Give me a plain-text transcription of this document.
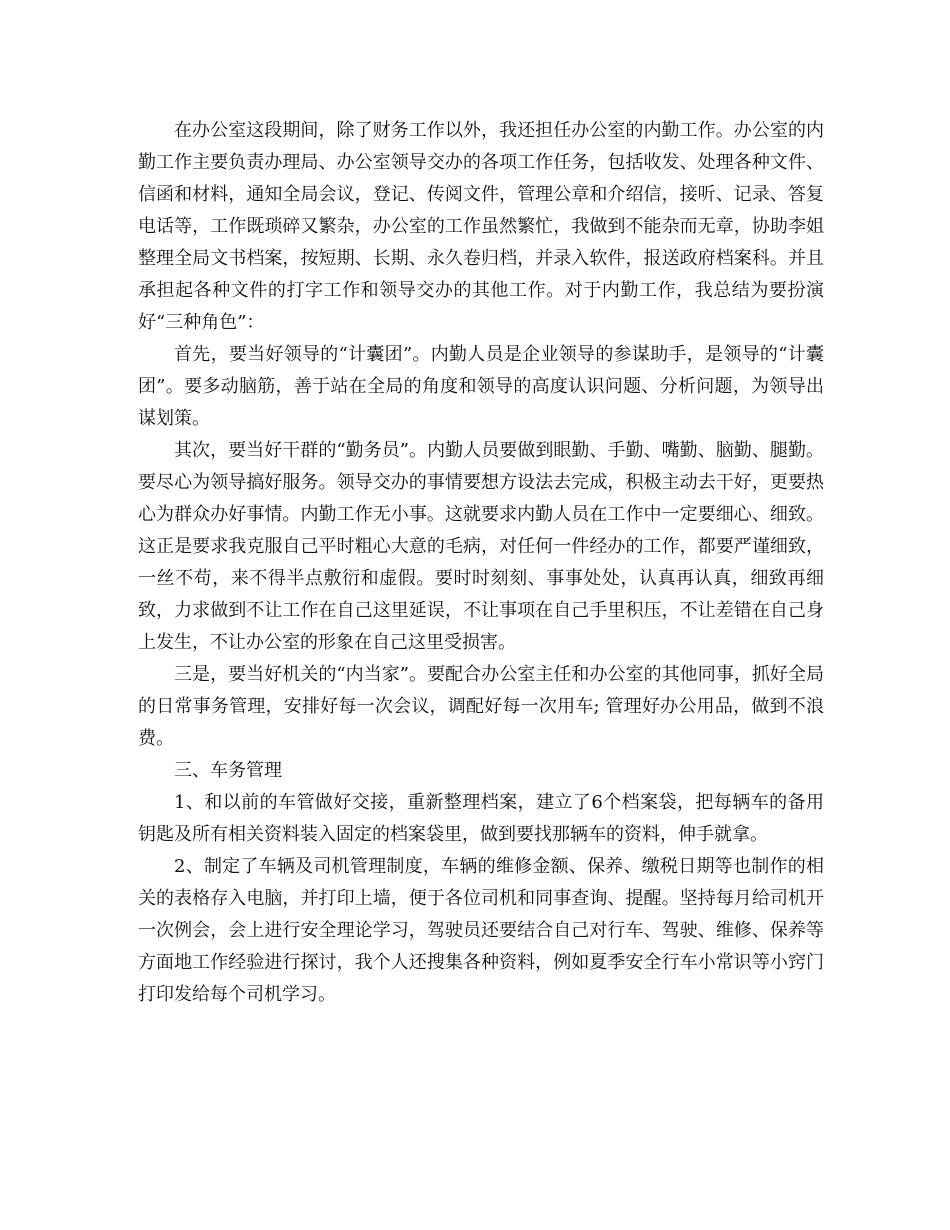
在办公室这段期间，除了财务工作以外，我还担任办公室的内勤工作。办公室的内勤工作主要负责办理局、办公室领导交办的各项工作任务，包括收发、处理各种文件、信函和材料，通知全局会议，登记、传阅文件，管理公章和介绍信，接听、记录、答复电话等，工作既琐碎又繁杂，办公室的工作虽然繁忙，我做到不能杂而无章，协助李姐整理全局文书档案，按短期、长期、永久卷归档，并录入软件，报送政府档案科。并且承担起各种文件的打字工作和领导交办的其他工作。对于内勤工作，我总结为要扮演好“三种角色”：

首先，要当好领导的“计囊团”。内勤人员是企业领导的参谋助手，是领导的“计囊团”。要多动脑筋，善于站在全局的角度和领导的高度认识问题、分析问题，为领导出谋划策。

其次，要当好干群的“勤务员”。内勤人员要做到眼勤、手勤、嘴勤、脑勤、腿勤。要尽心为领导搞好服务。领导交办的事情要想方设法去完成，积极主动去干好，更要热心为群众办好事情。内勤工作无小事。这就要求内勤人员在工作中一定要细心、细致。这正是要求我克服自己平时粗心大意的毛病，对任何一件经办的工作，都要严谨细致，一丝不苟，来不得半点敷衍和虚假。要时时刻刻、事事处处，认真再认真，细致再细致，力求做到不让工作在自己这里延误，不让事项在自己手里积压，不让差错在自己身上发生，不让办公室的形象在自己这里受损害。

三是，要当好机关的“内当家”。要配合办公室主任和办公室的其他同事，抓好全局的日常事务管理，安排好每一次会议，调配好每一次用车; 管理好办公用品，做到不浪费。

三、车务管理

1、和以前的车管做好交接，重新整理档案，建立了6个档案袋，把每辆车的备用钥匙及所有相关资料装入固定的档案袋里，做到要找那辆车的资料，伸手就拿。

2、制定了车辆及司机管理制度，车辆的维修金额、保养、缴税日期等也制作的相关的表格存入电脑，并打印上墙，便于各位司机和同事查询、提醒。坚持每月给司机开一次例会，会上进行安全理论学习，驾驶员还要结合自己对行车、驾驶、维修、保养等方面地工作经验进行探讨，我个人还搜集各种资料，例如夏季安全行车小常识等小窍门打印发给每个司机学习。
